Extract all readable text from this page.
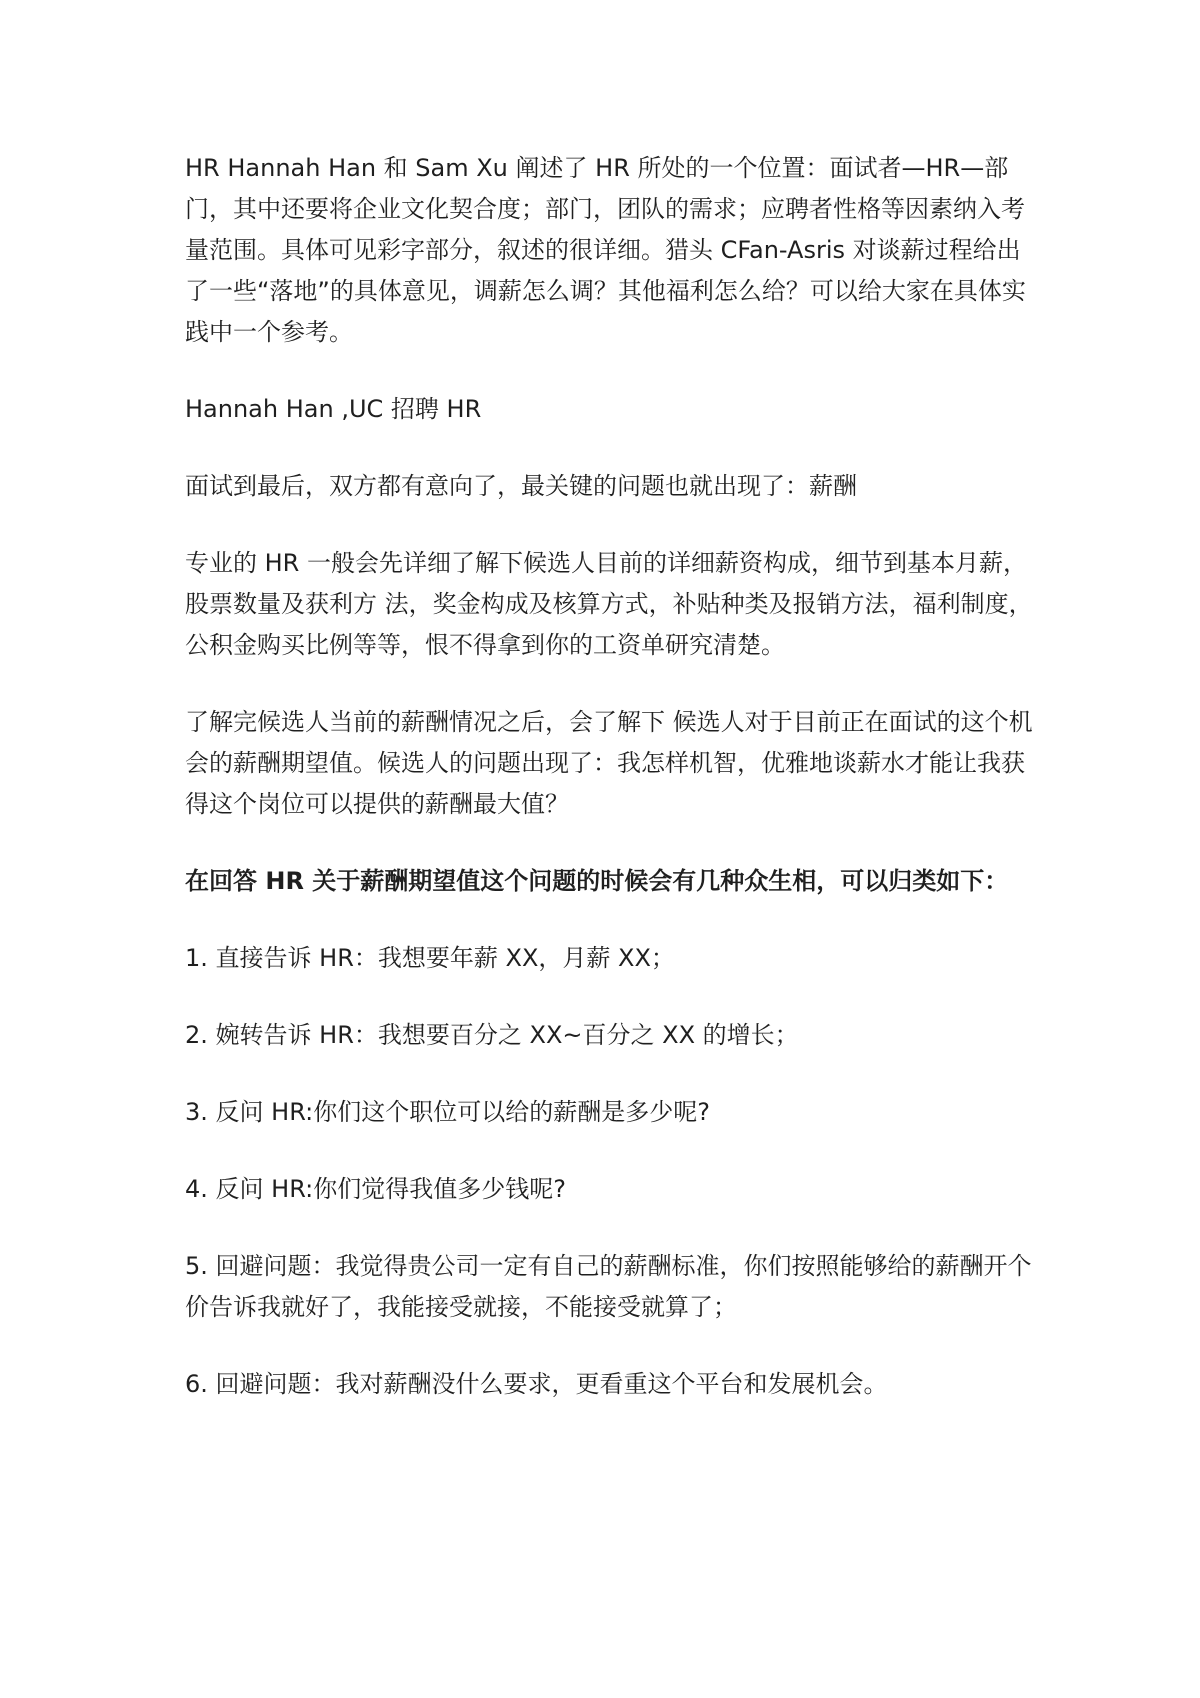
HR Hannah Han 和 Sam Xu 阐述了 HR 所处的一个位置：面试者—HR—部门，其中还要将企业文化契合度；部门，团队的需求；应聘者性格等因素纳入考量范围。具体可见彩字部分，叙述的很详细。猎头 CFan-Asris 对谈薪过程给出了一些“落地”的具体意见，调薪怎么调？其他福利怎么给？可以给大家在具体实践中一个参考。

Hannah Han ,UC 招聘 HR

面试到最后，双方都有意向了，最关键的问题也就出现了：薪酬

专业的 HR 一般会先详细了解下候选人目前的详细薪资构成，细节到基本月薪，股票数量及获利方 法，奖金构成及核算方式，补贴种类及报销方法，福利制度，公积金购买比例等等，恨不得拿到你的工资单研究清楚。

了解完候选人当前的薪酬情况之后，会了解下 候选人对于目前正在面试的这个机会的薪酬期望值。候选人的问题出现了：我怎样机智，优雅地谈薪水才能让我获得这个岗位可以提供的薪酬最大值？

在回答 HR 关于薪酬期望值这个问题的时候会有几种众生相，可以归类如下：

1. 直接告诉 HR：我想要年薪 XX，月薪 XX；

2. 婉转告诉 HR：我想要百分之 XX~百分之 XX 的增长；

3. 反问 HR:你们这个职位可以给的薪酬是多少呢?

4. 反问 HR:你们觉得我值多少钱呢?

5. 回避问题：我觉得贵公司一定有自己的薪酬标准，你们按照能够给的薪酬开个价告诉我就好了，我能接受就接，不能接受就算了；

6. 回避问题：我对薪酬没什么要求，更看重这个平台和发展机会。
